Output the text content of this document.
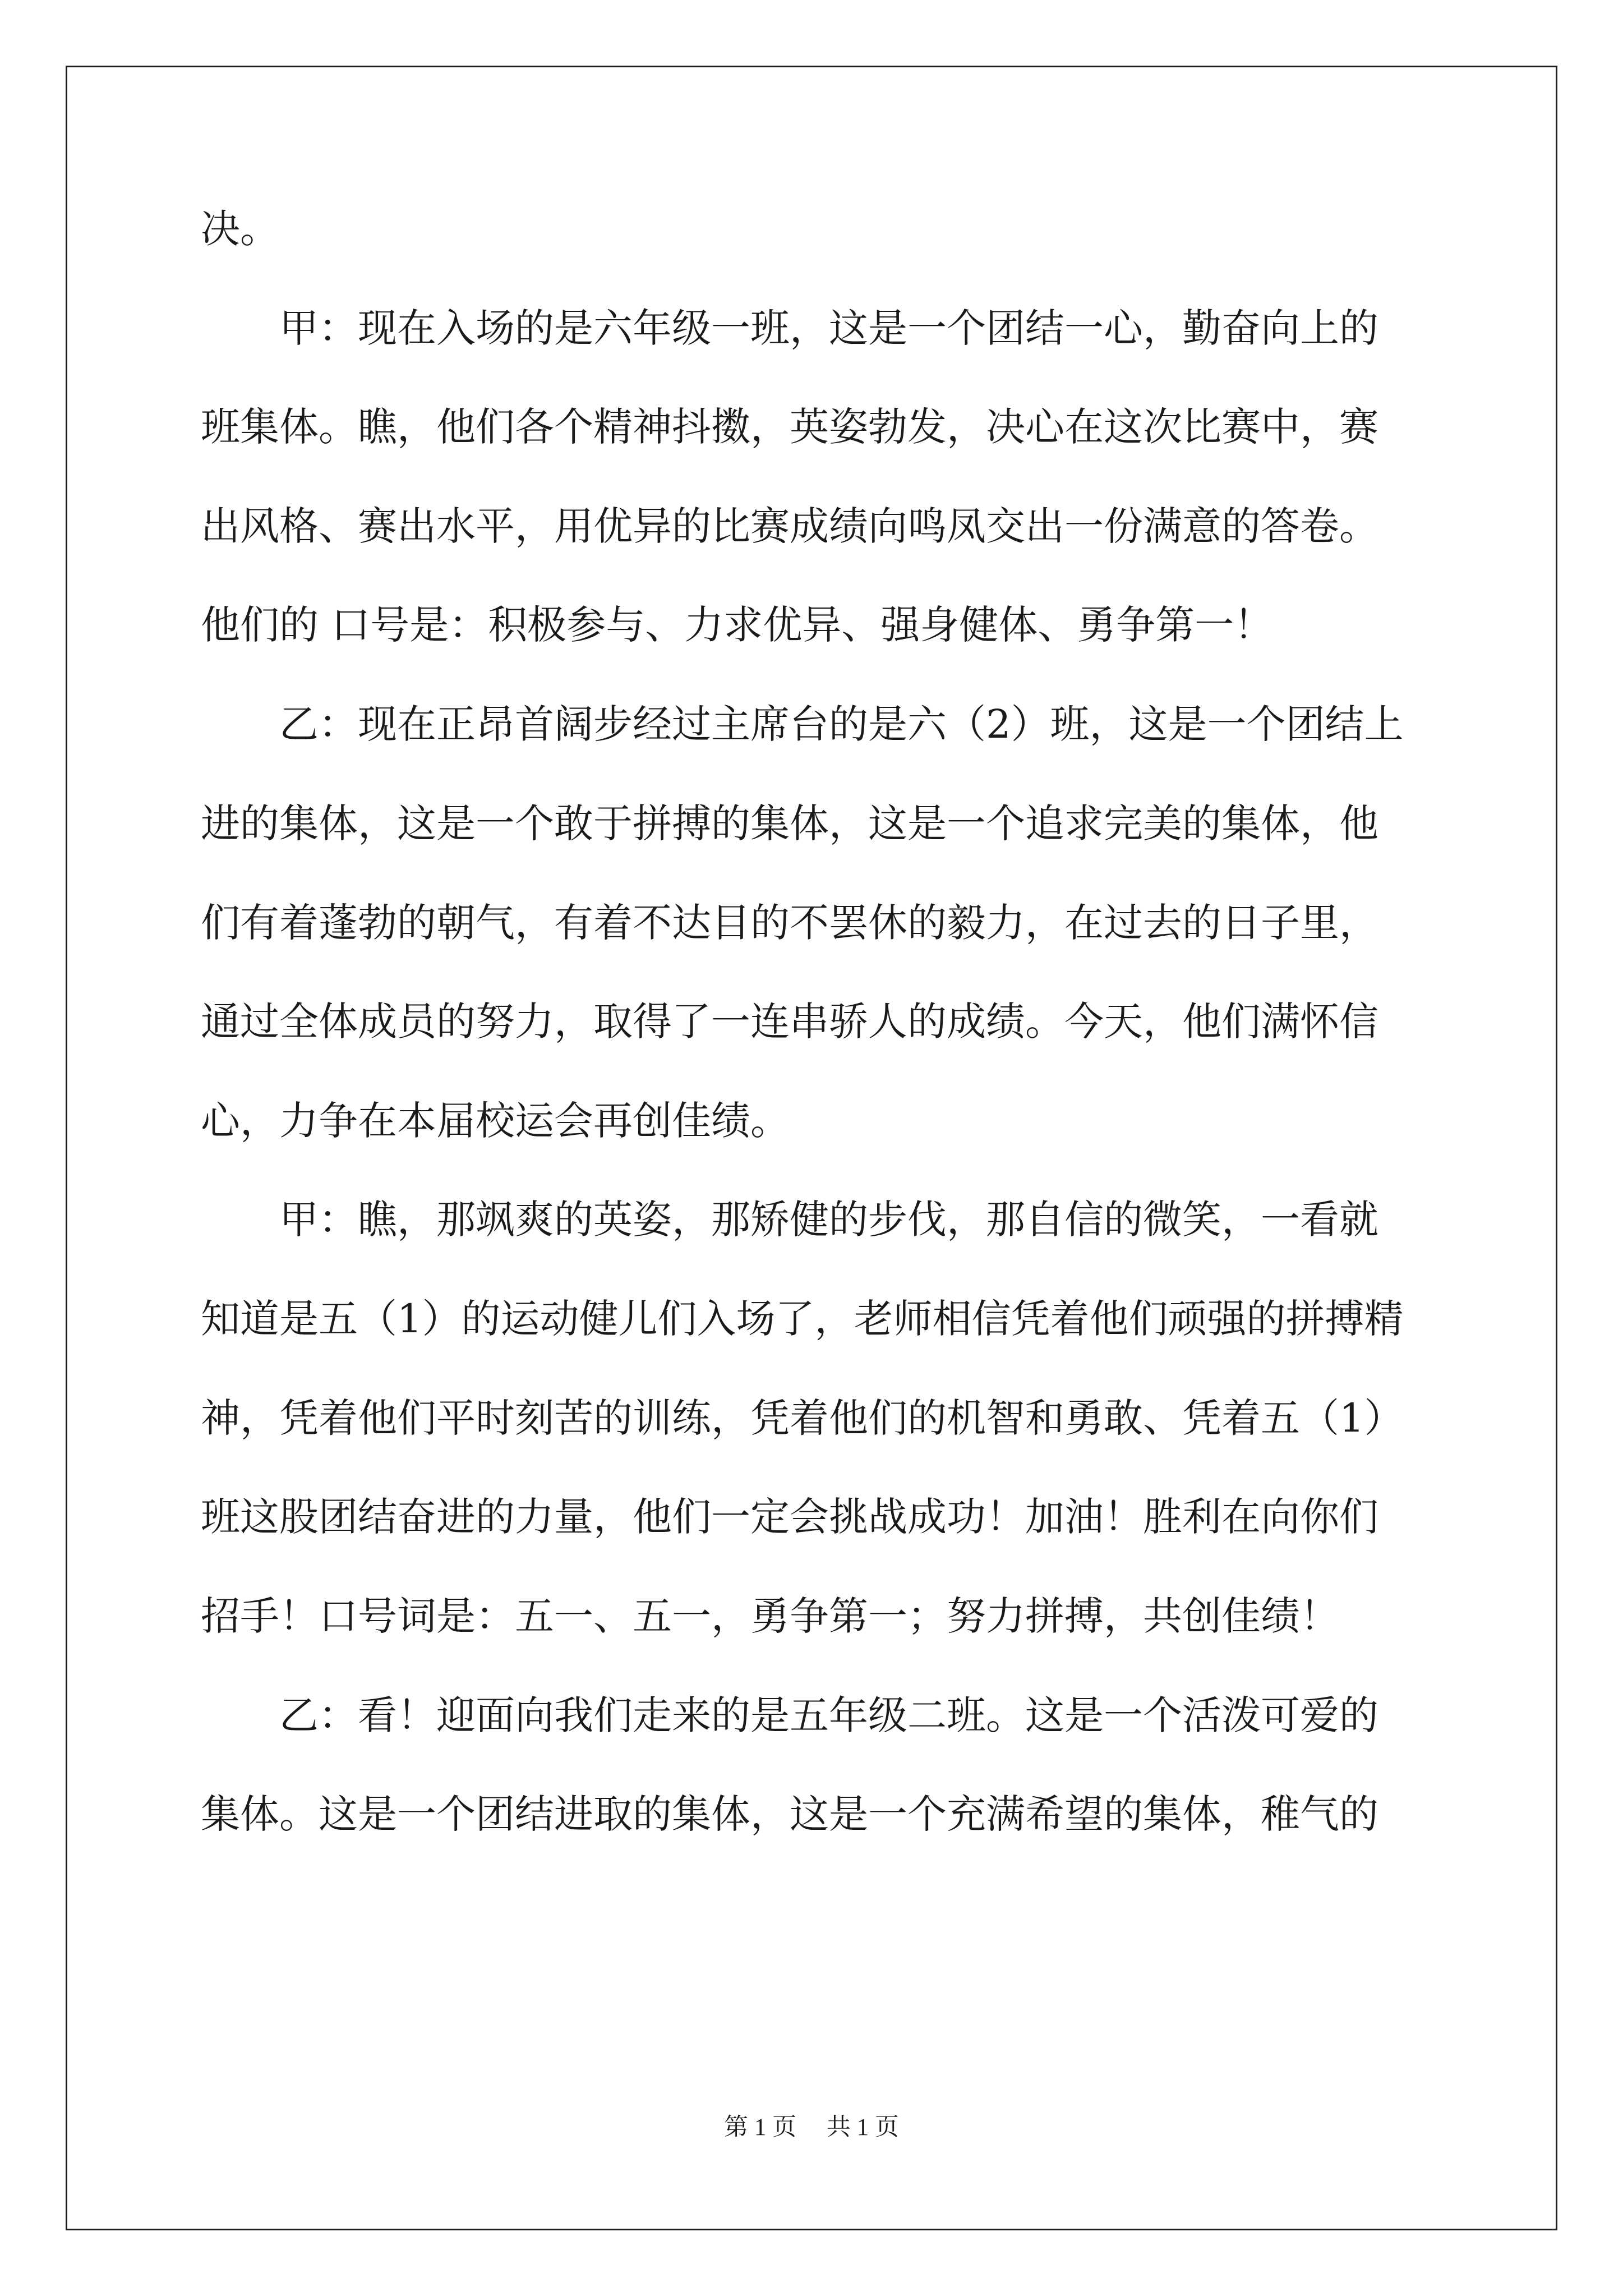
决。
　　甲：现在入场的是六年级一班，这是一个团结一心，勤奋向上的
班集体。瞧，他们各个精神抖擞，英姿勃发，决心在这次比赛中，赛
出风格、赛出水平，用优异的比赛成绩向鸣凤交出一份满意的答卷。
他们的 口号是：积极参与、力求优异、强身健体、勇争第一！
　　乙：现在正昂首阔步经过主席台的是六（2）班，这是一个团结上
进的集体，这是一个敢于拼搏的集体，这是一个追求完美的集体，他
们有着蓬勃的朝气，有着不达目的不罢休的毅力，在过去的日子里，
通过全体成员的努力，取得了一连串骄人的成绩。今天，他们满怀信
心，力争在本届校运会再创佳绩。
　　甲：瞧，那飒爽的英姿，那矫健的步伐，那自信的微笑，一看就
知道是五（1）的运动健儿们入场了，老师相信凭着他们顽强的拼搏精
神，凭着他们平时刻苦的训练，凭着他们的机智和勇敢、凭着五（1）
班这股团结奋进的力量，他们一定会挑战成功！加油！胜利在向你们
招手！口号词是：五一、五一，勇争第一；努力拼搏，共创佳绩！
　　乙：看！迎面向我们走来的是五年级二班。这是一个活泼可爱的
集体。这是一个团结进取的集体，这是一个充满希望的集体，稚气的
第 1 页　 共 1 页
